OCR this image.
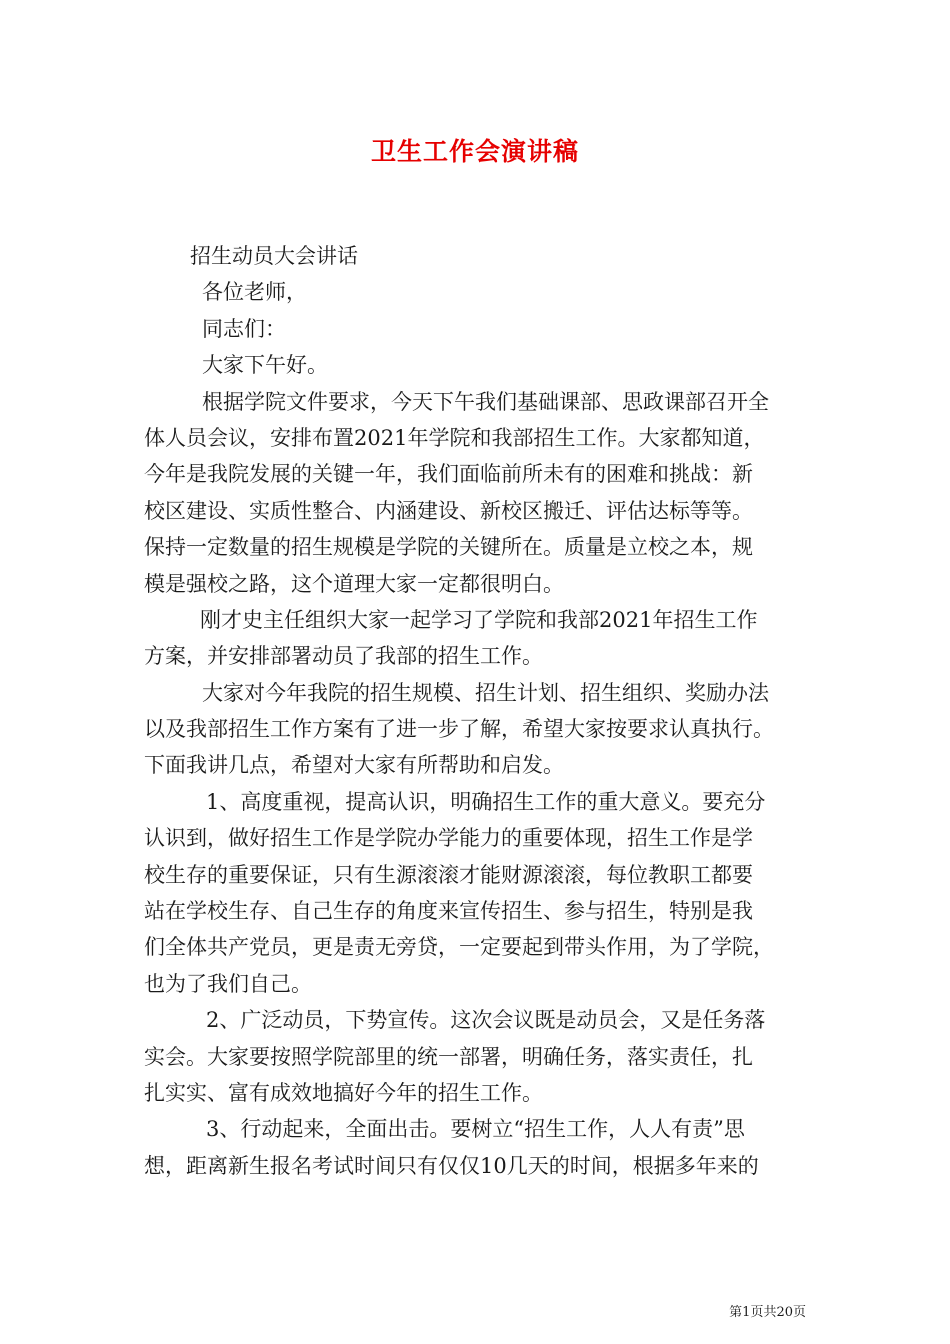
卫生工作会演讲稿
招生动员大会讲话
各位老师，
同志们：
大家下午好。
根据学院文件要求，今天下午我们基础课部、思政课部召开全
体人员会议，安排布置2021年学院和我部招生工作。大家都知道，
今年是我院发展的关键一年，我们面临前所未有的困难和挑战：新
校区建设、实质性整合、内涵建设、新校区搬迁、评估达标等等。
保持一定数量的招生规模是学院的关键所在。质量是立校之本，规
模是强校之路，这个道理大家一定都很明白。
刚才史主任组织大家一起学习了学院和我部2021年招生工作
方案，并安排部署动员了我部的招生工作。
大家对今年我院的招生规模、招生计划、招生组织、奖励办法
以及我部招生工作方案有了进一步了解，希望大家按要求认真执行。
下面我讲几点，希望对大家有所帮助和启发。
1、高度重视，提高认识，明确招生工作的重大意义。要充分
认识到，做好招生工作是学院办学能力的重要体现，招生工作是学
校生存的重要保证，只有生源滚滚才能财源滚滚，每位教职工都要
站在学校生存、自己生存的角度来宣传招生、参与招生，特别是我
们全体共产党员，更是责无旁贷，一定要起到带头作用，为了学院，
也为了我们自己。
2、广泛动员，下势宣传。这次会议既是动员会，又是任务落
实会。大家要按照学院部里的统一部署，明确任务，落实责任，扎
扎实实、富有成效地搞好今年的招生工作。
3、行动起来，全面出击。要树立“招生工作，人人有责”思
想，距离新生报名考试时间只有仅仅10几天的时间，根据多年来的
第1页共20页
